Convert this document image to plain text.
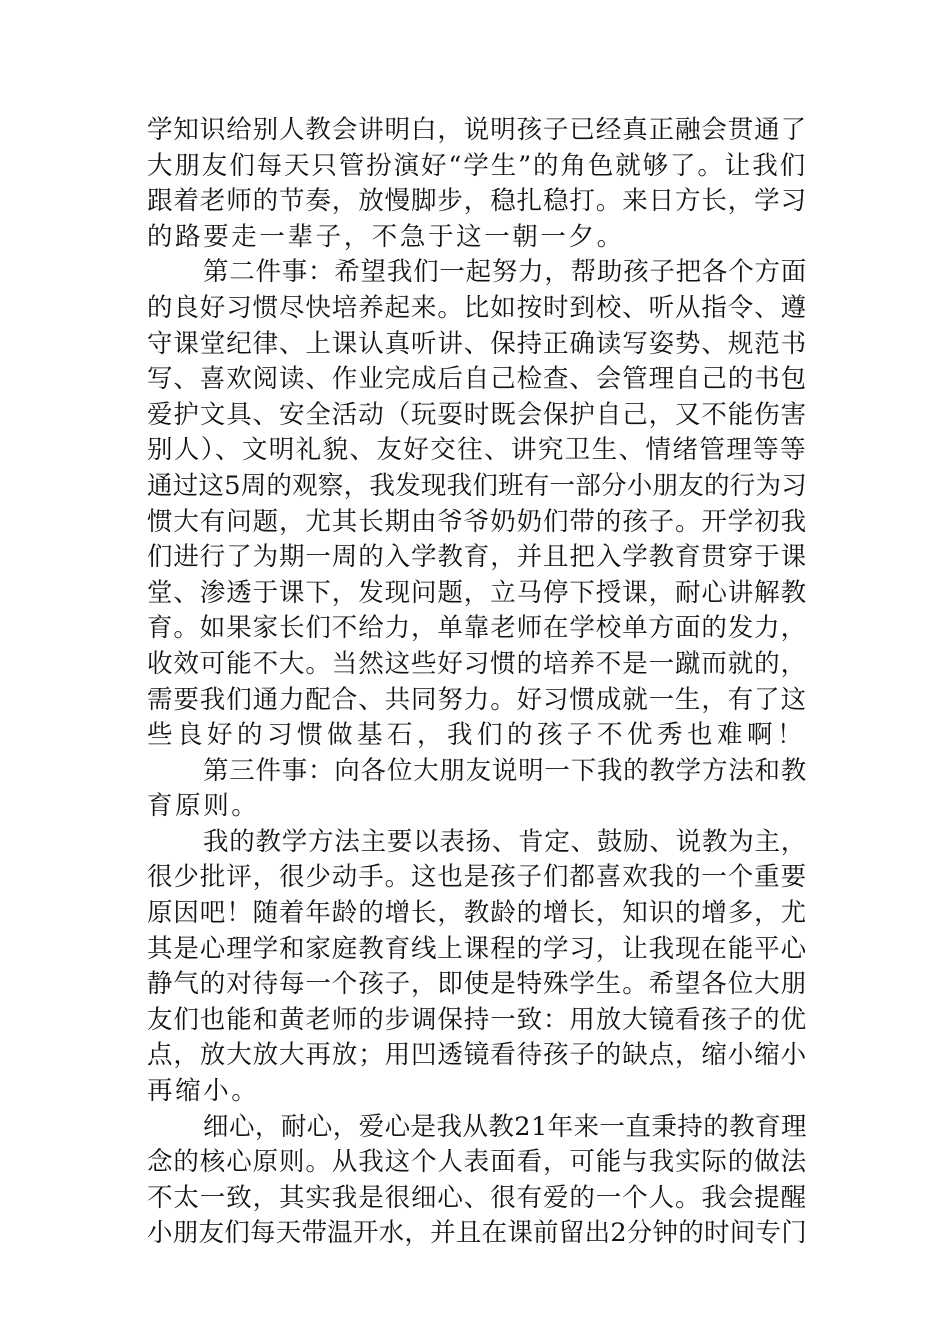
学知识给别人教会讲明白，说明孩子已经真正融会贯通了
大朋友们每天只管扮演好“学生”的角色就够了。让我们
跟着老师的节奏，放慢脚步，稳扎稳打。来日方长，学习
的路要走一辈子，不急于这一朝一夕。
第二件事：希望我们一起努力，帮助孩子把各个方面
的良好习惯尽快培养起来。比如按时到校、听从指令、遵
守课堂纪律、上课认真听讲、保持正确读写姿势、规范书
写、喜欢阅读、作业完成后自己检查、会管理自己的书包
爱护文具、安全活动（玩耍时既会保护自己，又不能伤害
别人）、文明礼貌、友好交往、讲究卫生、情绪管理等等
通过这5周的观察，我发现我们班有一部分小朋友的行为习
惯大有问题，尤其长期由爷爷奶奶们带的孩子。开学初我
们进行了为期一周的入学教育，并且把入学教育贯穿于课
堂、渗透于课下，发现问题，立马停下授课，耐心讲解教
育。如果家长们不给力，单靠老师在学校单方面的发力，
收效可能不大。当然这些好习惯的培养不是一蹴而就的，
需要我们通力配合、共同努力。好习惯成就一生，有了这
些良好的习惯做基石，我们的孩子不优秀也难啊！
第三件事：向各位大朋友说明一下我的教学方法和教
育原则。
我的教学方法主要以表扬、肯定、鼓励、说教为主，
很少批评，很少动手。这也是孩子们都喜欢我的一个重要
原因吧！随着年龄的增长，教龄的增长，知识的增多，尤
其是心理学和家庭教育线上课程的学习，让我现在能平心
静气的对待每一个孩子，即使是特殊学生。希望各位大朋
友们也能和黄老师的步调保持一致：用放大镜看孩子的优
点，放大放大再放；用凹透镜看待孩子的缺点，缩小缩小
再缩小。
细心，耐心，爱心是我从教21年来一直秉持的教育理
念的核心原则。从我这个人表面看，可能与我实际的做法
不太一致，其实我是很细心、很有爱的一个人。我会提醒
小朋友们每天带温开水，并且在课前留出2分钟的时间专门
